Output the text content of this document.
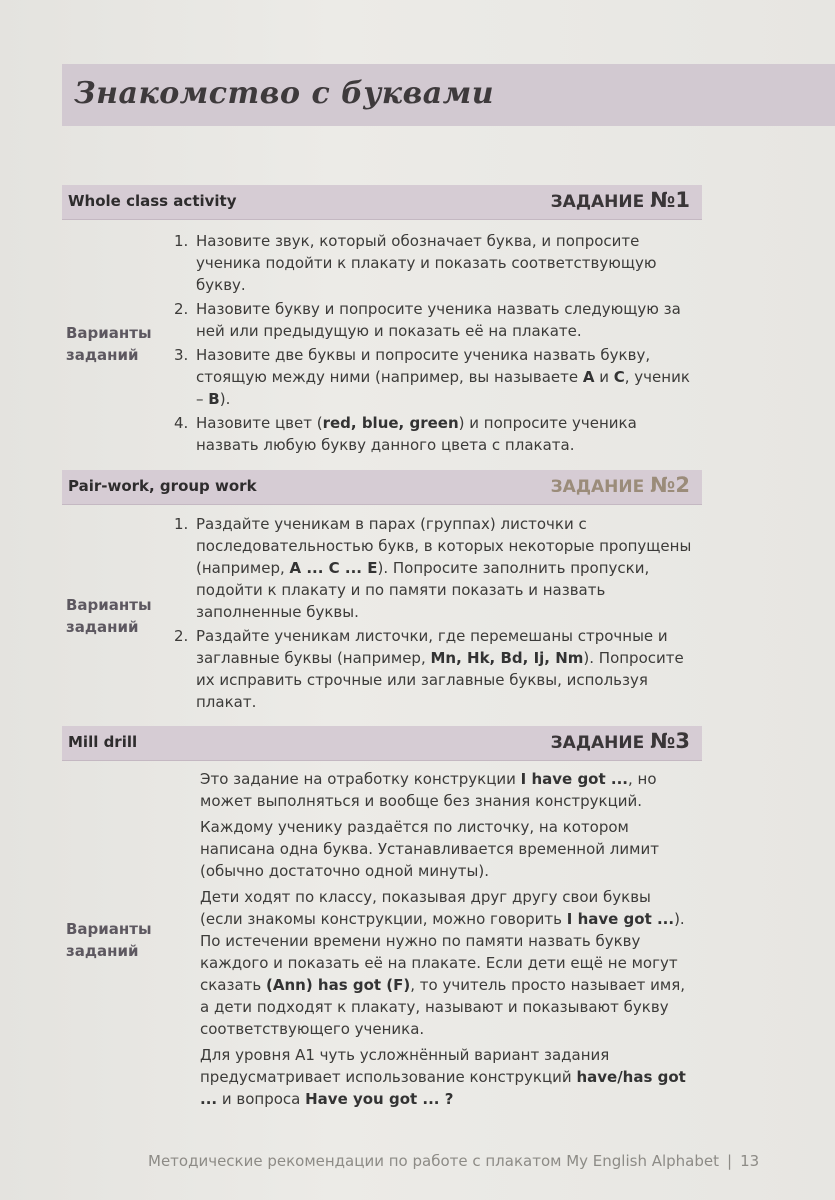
Знакомство с буквами
Whole class activity	ЗАДАНИЕ №1
Варианты
заданий
1. Назовите звук, который обозначает буква, и попросите ученика подойти к плакату и показать соответствующую букву.
2. Назовите букву и попросите ученика назвать следующую за ней или предыдущую и показать её на плакате.
3. Назовите две буквы и попросите ученика назвать букву, стоящую между ними (например, вы называете A и C, ученик – B).
4. Назовите цвет (red, blue, green) и попросите ученика назвать любую букву данного цвета с плаката.
Pair-work, group work	ЗАДАНИЕ №2
Варианты
заданий
1. Раздайте ученикам в парах (группах) листочки с последовательностью букв, в которых некоторые пропущены (например, A ... C ... E). Попросите заполнить пропуски, подойти к плакату и по памяти показать и назвать заполненные буквы.
2. Раздайте ученикам листочки, где перемешаны строчные и заглавные буквы (например, Mn, Hk, Bd, Ij, Nm). Попросите их исправить строчные или заглавные буквы, используя плакат.
Mill drill	ЗАДАНИЕ №3
Варианты
заданий

Это задание на отработку конструкции I have got ..., но может выполняться и вообще без знания конструкций.

Каждому ученику раздаётся по листочку, на котором написана одна буква. Устанавливается временной лимит (обычно достаточно одной минуты).

Дети ходят по классу, показывая друг другу свои буквы (если знакомы конструкции, можно говорить I have got ...). По истечении времени нужно по памяти назвать букву каждого и показать её на плакате. Если дети ещё не могут сказать (Ann) has got (F), то учитель просто называет имя, а дети подходят к плакату, называют и показывают букву соответствующего ученика.

Для уровня A1 чуть усложнённый вариант задания предусматривает использование конструкций have/has got ... и вопроса Have you got ... ?

Методические рекомендации по работе с плакатом My English Alphabet | 13
